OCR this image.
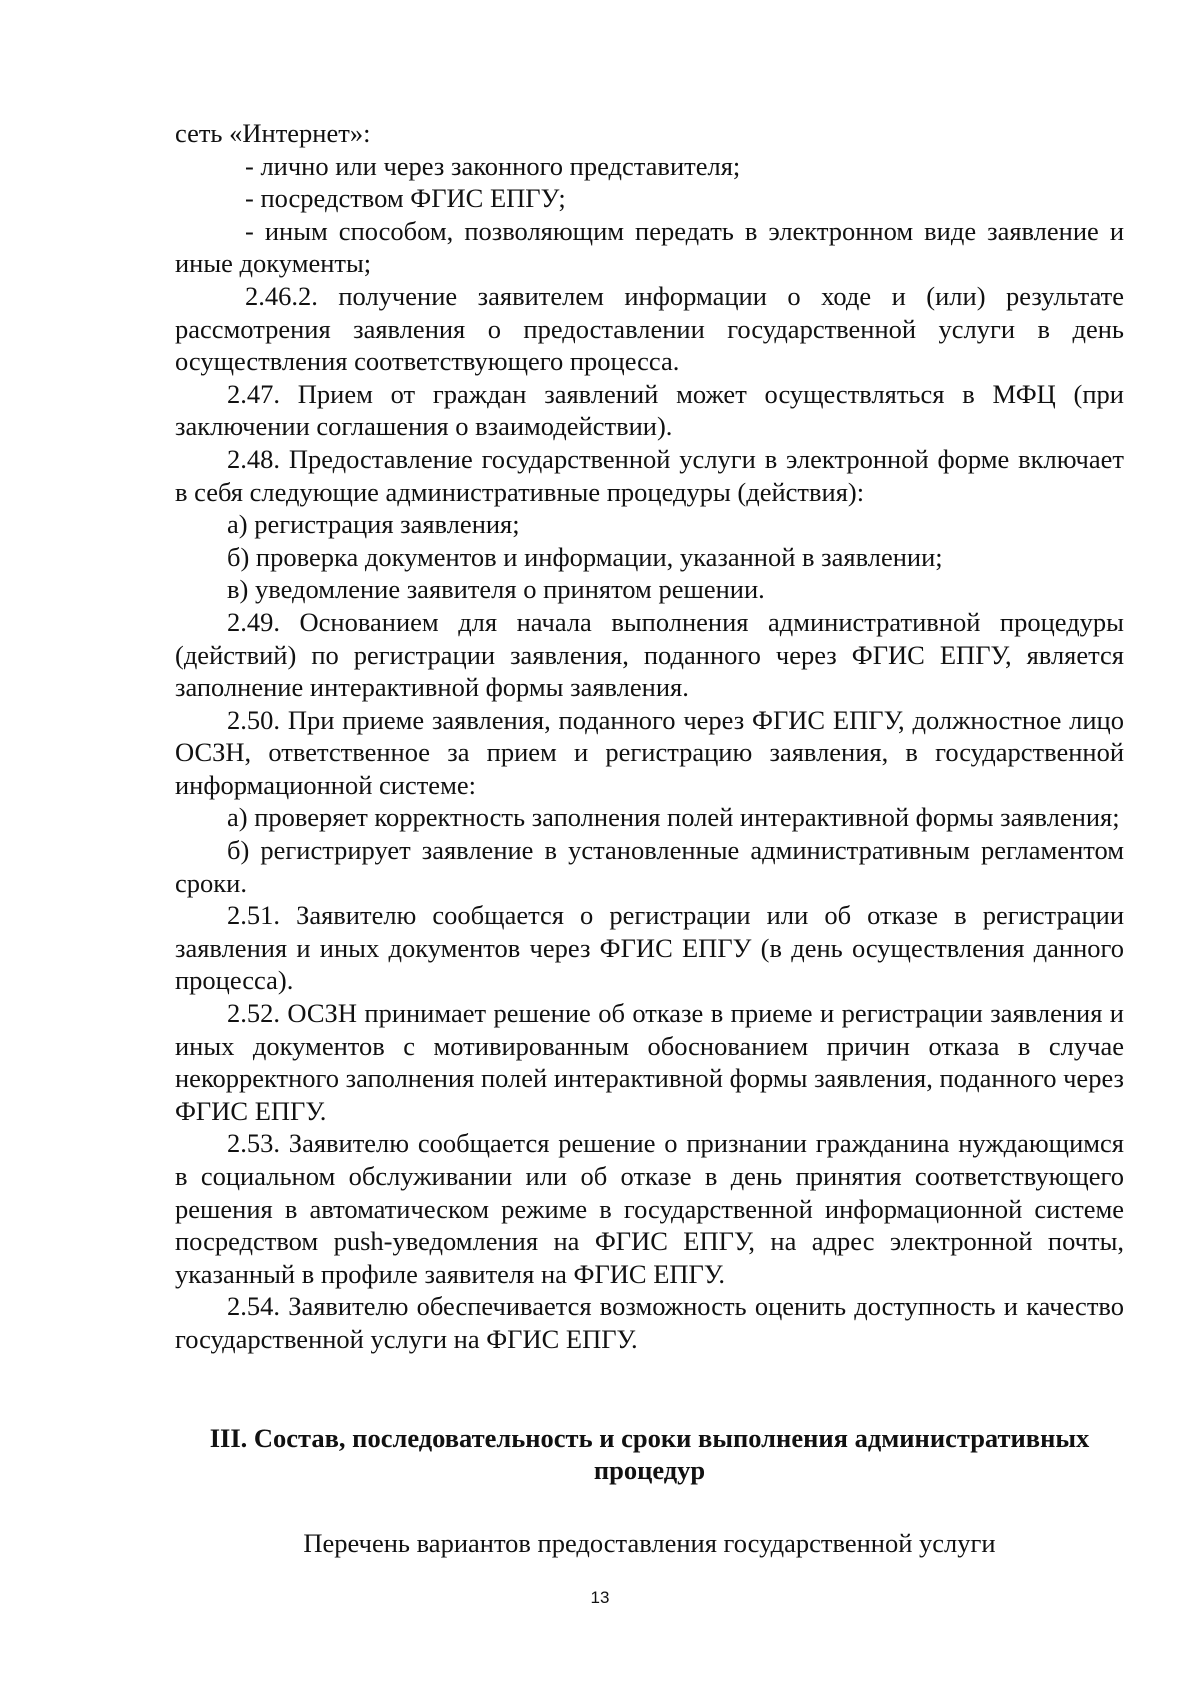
сеть «Интернет»:

- лично или через законного представителя;

- посредством ФГИС ЕПГУ;

- иным способом, позволяющим передать в электронном виде заявление и иные документы;

2.46.2. получение заявителем информации о ходе и (или) результате рассмотрения заявления о предоставлении государственной услуги в день осуществления соответствующего процесса.

2.47. Прием от граждан заявлений может осуществляться в МФЦ (при заключении соглашения о взаимодействии).

2.48. Предоставление государственной услуги в электронной форме включает в себя следующие административные процедуры (действия):

а) регистрация заявления;

б) проверка документов и информации, указанной в заявлении;

в) уведомление заявителя о принятом решении.

2.49. Основанием для начала выполнения административной процедуры (действий) по регистрации заявления, поданного через ФГИС ЕПГУ, является заполнение интерактивной формы заявления.

2.50. При приеме заявления, поданного через ФГИС ЕПГУ, должностное лицо ОСЗН, ответственное за прием и регистрацию заявления, в государственной информационной системе:

а) проверяет корректность заполнения полей интерактивной формы заявления;

б) регистрирует заявление в установленные административным регламентом сроки.

2.51. Заявителю сообщается о регистрации или об отказе в регистрации заявления и иных документов через ФГИС ЕПГУ (в день осуществления данного процесса).

2.52. ОСЗН принимает решение об отказе в приеме и регистрации заявления и иных документов с мотивированным обоснованием причин отказа в случае некорректного заполнения полей интерактивной формы заявления, поданного через ФГИС ЕПГУ.

2.53. Заявителю сообщается решение о признании гражданина нуждающимся в социальном обслуживании или об отказе в день принятия соответствующего решения в автоматическом режиме в государственной информационной системе посредством push-уведомления на ФГИС ЕПГУ, на адрес электронной почты, указанный в профиле заявителя на ФГИС ЕПГУ.

2.54. Заявителю обеспечивается возможность оценить доступность и качество государственной услуги на ФГИС ЕПГУ.

III. Состав, последовательность и сроки выполнения административных процедур

Перечень вариантов предоставления государственной услуги

13
